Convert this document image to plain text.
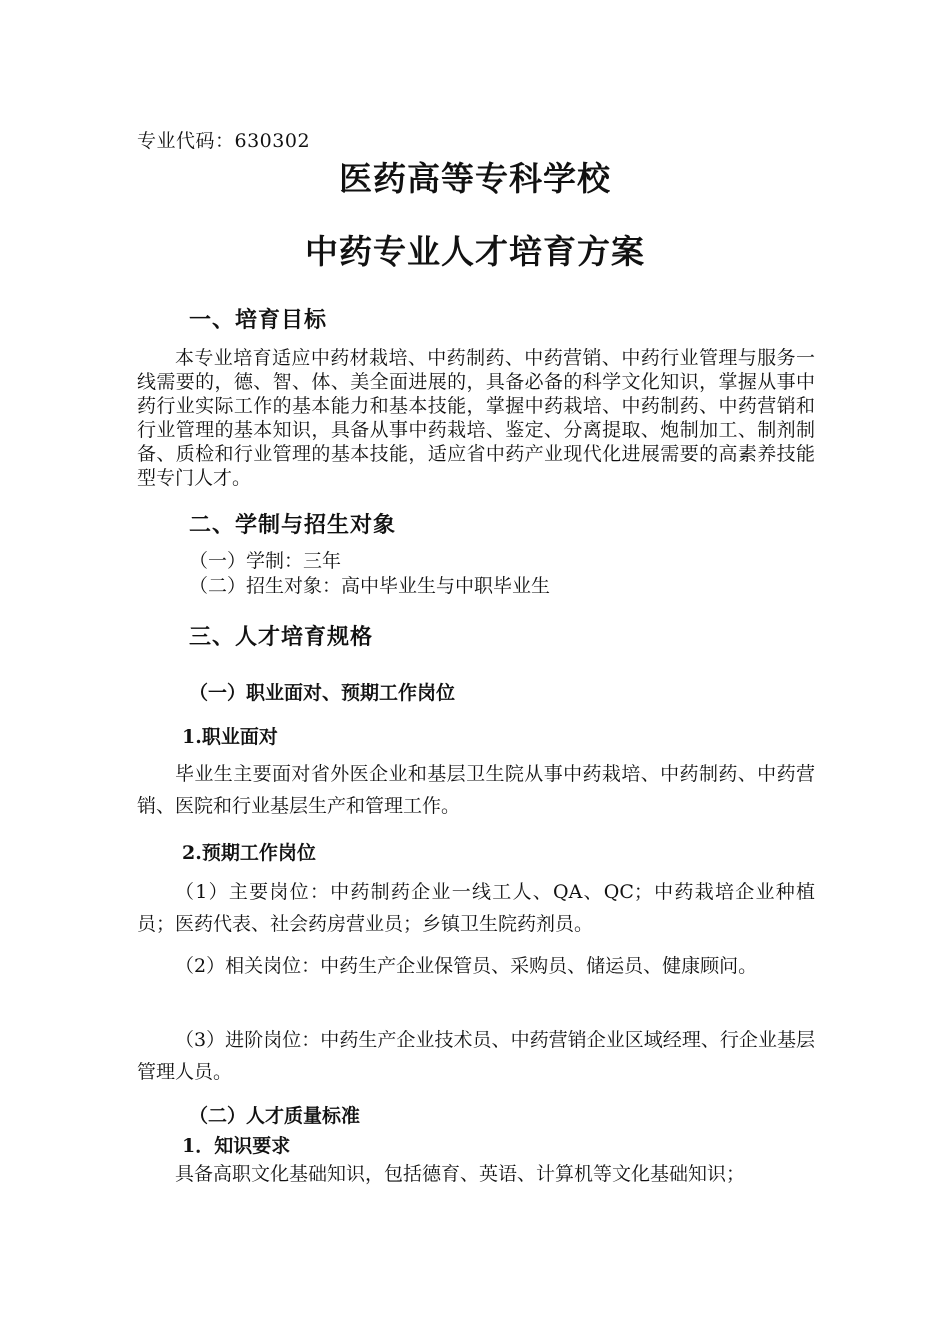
专业代码：630302
医药高等专科学校
中药专业人才培育方案
一、培育目标
本专业培育适应中药材栽培、中药制药、中药营销、中药行业管理与服务一线需要的，德、智、体、美全面进展的，具备必备的科学文化知识，掌握从事中药行业实际工作的基本能力和基本技能，掌握中药栽培、中药制药、中药营销和行业管理的基本知识，具备从事中药栽培、鉴定、分离提取、炮制加工、制剂制备、质检和行业管理的基本技能，适应省中药产业现代化进展需要的高素养技能型专门人才。
二、学制与招生对象
（一）学制：三年
（二）招生对象：高中毕业生与中职毕业生
三、人才培育规格
（一）职业面对、预期工作岗位
1.职业面对
毕业生主要面对省外医企业和基层卫生院从事中药栽培、中药制药、中药营销、医院和行业基层生产和管理工作。
2.预期工作岗位
（1）主要岗位：中药制药企业一线工人、QA、QC；中药栽培企业种植员；医药代表、社会药房营业员；乡镇卫生院药剂员。
（2）相关岗位：中药生产企业保管员、采购员、储运员、健康顾问。
（3）进阶岗位：中药生产企业技术员、中药营销企业区域经理、行企业基层管理人员。
（二）人才质量标准
1．知识要求
具备高职文化基础知识，包括德育、英语、计算机等文化基础知识；
